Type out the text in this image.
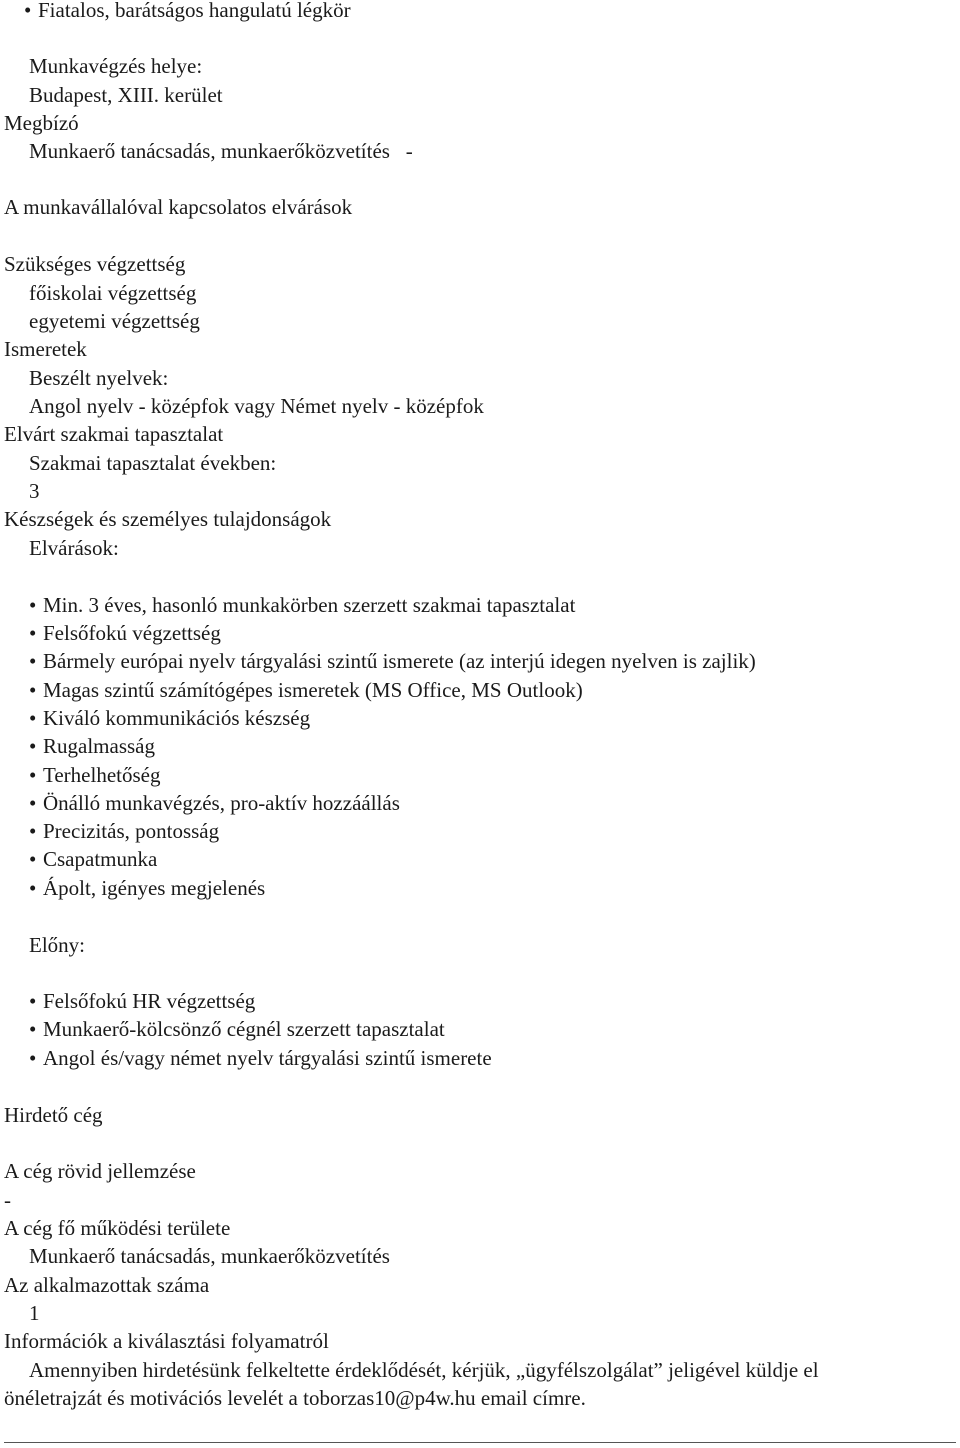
• Fiatalos, barátságos hangulatú légkör
Munkavégzés helye:
Budapest, XIII. kerület
Megbízó
Munkaerő tanácsadás, munkaerőközvetítés   -
A munkavállalóval kapcsolatos elvárások
Szükséges végzettség
főiskolai végzettség
egyetemi végzettség
Ismeretek
Beszélt nyelvek:
Angol nyelv - középfok vagy Német nyelv - középfok
Elvárt szakmai tapasztalat
Szakmai tapasztalat években:
3
Készségek és személyes tulajdonságok
Elvárások:
• Min. 3 éves, hasonló munkakörben szerzett szakmai tapasztalat
• Felsőfokú végzettség
• Bármely európai nyelv tárgyalási szintű ismerete (az interjú idegen nyelven is zajlik)
• Magas szintű számítógépes ismeretek (MS Office, MS Outlook)
• Kiváló kommunikációs készség
• Rugalmasság
• Terhelhetőség
• Önálló munkavégzés, pro-aktív hozzáállás
• Precizitás, pontosság
• Csapatmunka
• Ápolt, igényes megjelenés
Előny:
• Felsőfokú HR végzettség
• Munkaerő-kölcsönző cégnél szerzett tapasztalat
• Angol és/vagy német nyelv tárgyalási szintű ismerete
Hirdető cég
A cég rövid jellemzése
-
A cég fő működési területe
Munkaerő tanácsadás, munkaerőközvetítés
Az alkalmazottak száma
1
Információk a kiválasztási folyamatról
Amennyiben hirdetésünk felkeltette érdeklődését, kérjük, „ügyfélszolgálat” jeligével küldje el
önéletrajzát és motivációs levelét a toborzas10@p4w.hu email címre.
